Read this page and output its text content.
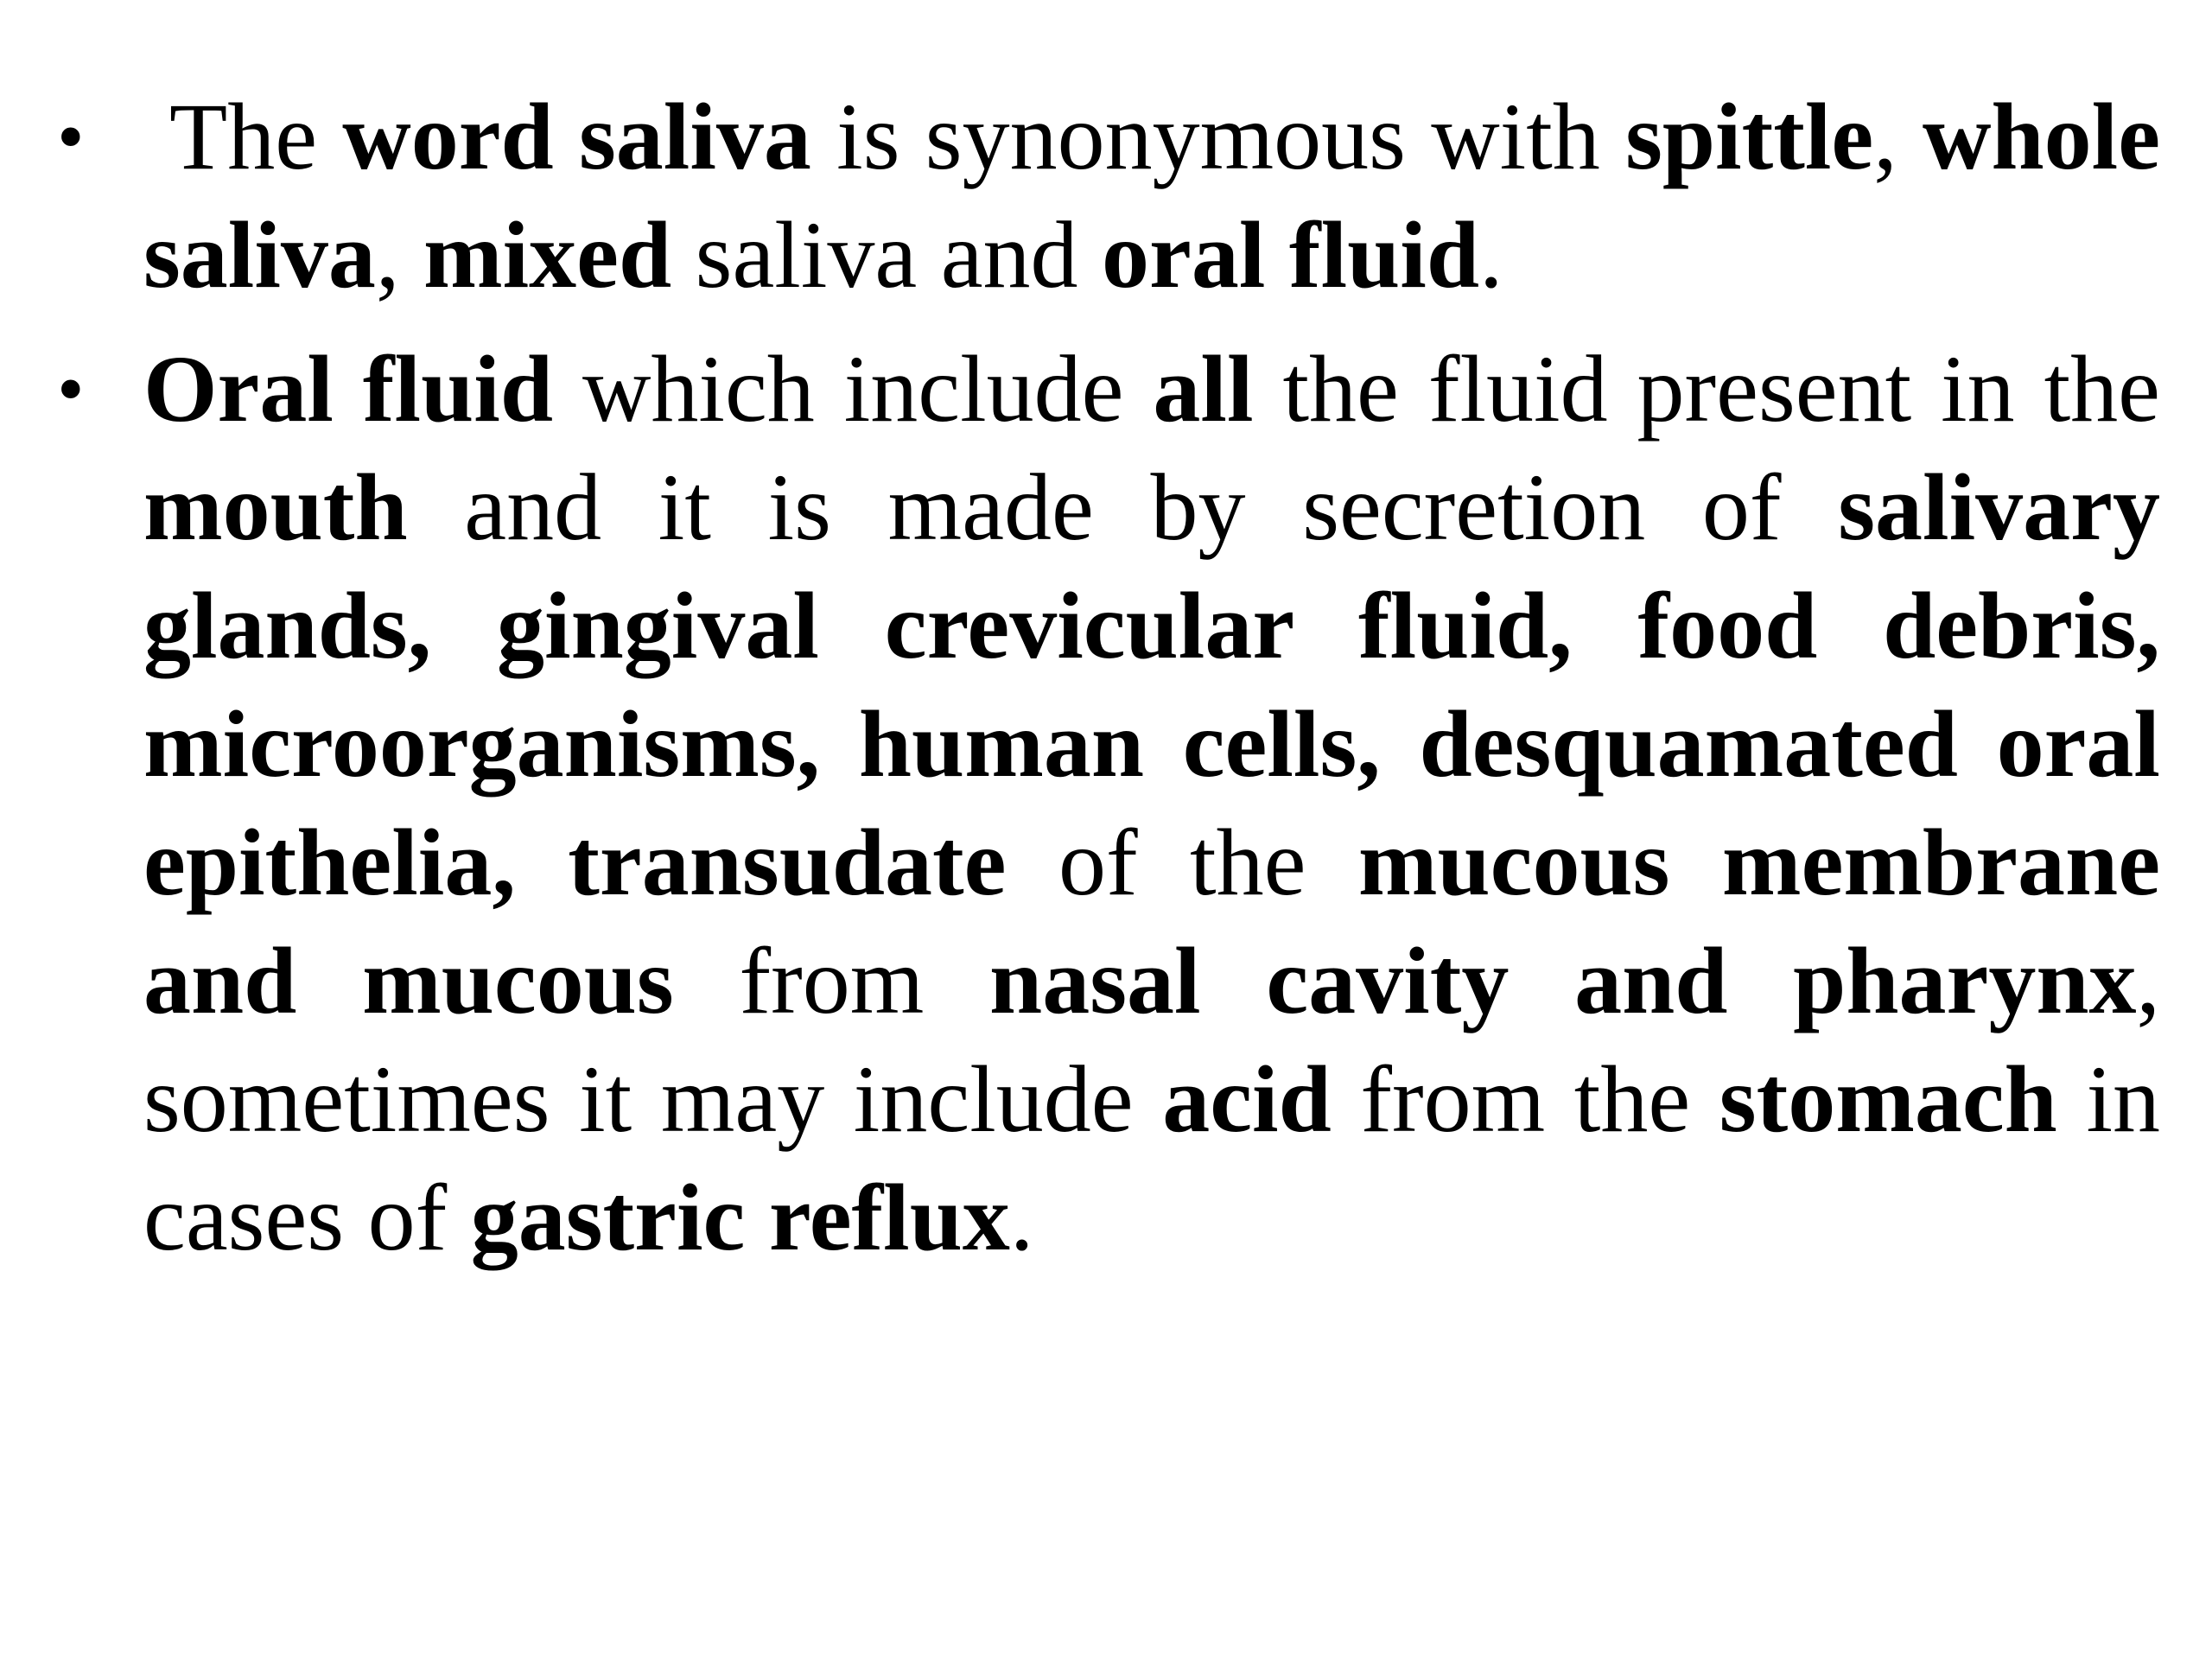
• The word saliva is synonymous with spittle, whole saliva, mixed saliva and oral fluid.
• Oral fluid which include all the fluid present in the mouth and it is made by secretion of salivary glands, gingival crevicular fluid, food debris, microorganisms, human cells, desquamated oral epithelia, transudate of the mucous membrane and mucous from nasal cavity and pharynx, sometimes it may include acid from the stomach in cases of gastric reflux.
